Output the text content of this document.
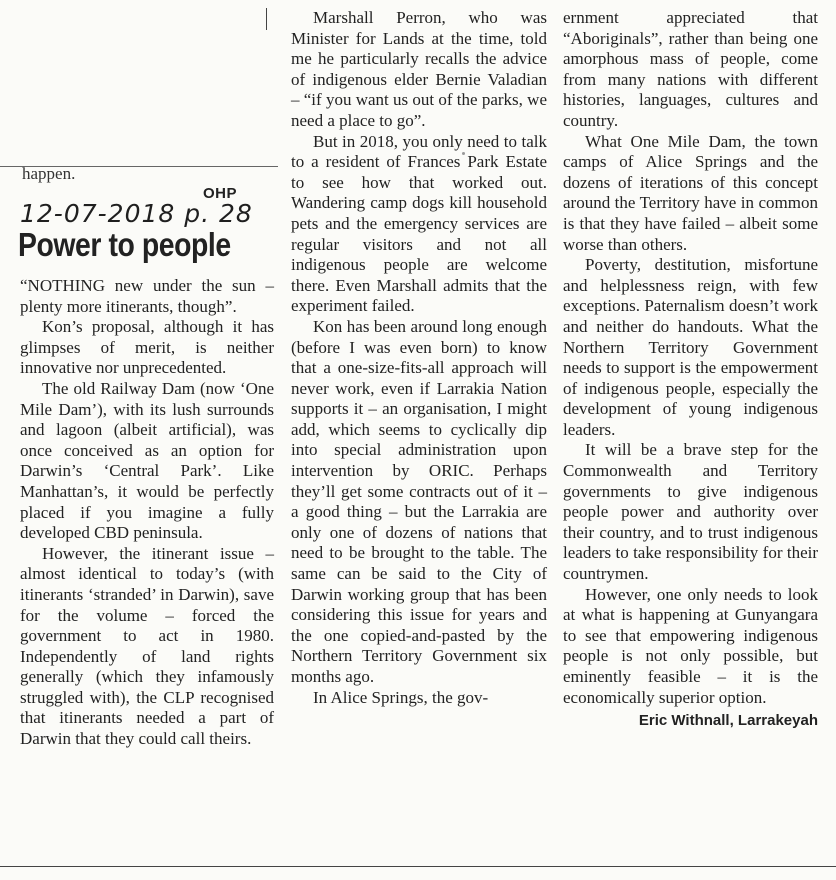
happen.
OHP
12-07-2018 p. 28
Power to people

“NOTHING new under the sun – plenty more itinerants, though”.

Kon’s proposal, although it has glimpses of merit, is neither innovative nor unprecedented.

The old Railway Dam (now ‘One Mile Dam’), with its lush surrounds and lagoon (albeit artificial), was once conceived as an option for Darwin’s ‘Central Park’. Like Manhattan’s, it would be perfectly placed if you imagine a fully developed CBD peninsula.

However, the itinerant issue – almost identical to today’s (with itinerants ‘stranded’ in Darwin), save for the volume – forced the government to act in 1980. Independently of land rights generally (which they infamously struggled with), the CLP recognised that itinerants needed a part of Darwin that they could call theirs.

Marshall Perron, who was Minister for Lands at the time, told me he particularly recalls the advice of indigenous elder Bernie Valadian – “if you want us out of the parks, we need a place to go”.

But in 2018, you only need to talk to a resident of Frances Park Estate to see how that worked out. Wandering camp dogs kill household pets and the emergency services are regular visitors and not all indigenous people are welcome there. Even Marshall admits that the experiment failed.

Kon has been around long enough (before I was even born) to know that a one-size-fits-all approach will never work, even if Larrakia Nation supports it – an organisation, I might add, which seems to cyclically dip into special administration upon intervention by ORIC. Perhaps they’ll get some contracts out of it – a good thing – but the Larrakia are only one of dozens of nations that need to be brought to the table. The same can be said to the City of Darwin working group that has been considering this issue for years and the one copied-and-pasted by the Northern Territory Government six months ago.

In Alice Springs, the gov-

ernment appreciated that “Aboriginals”, rather than being one amorphous mass of people, come from many nations with different histories, languages, cultures and country.

What One Mile Dam, the town camps of Alice Springs and the dozens of iterations of this concept around the Territory have in common is that they have failed – albeit some worse than others.

Poverty, destitution, misfortune and helplessness reign, with few exceptions. Paternalism doesn’t work and neither do handouts. What the Northern Territory Government needs to support is the empowerment of indigenous people, especially the development of young indigenous leaders.

It will be a brave step for the Commonwealth and Territory governments to give indigenous people power and authority over their country, and to trust indigenous leaders to take responsibility for their countrymen.

However, one only needs to look at what is happening at Gunyangara to see that empowering indigenous people is not only possible, but eminently feasible – it is the economically superior option.

Eric Withnall, Larrakeyah
